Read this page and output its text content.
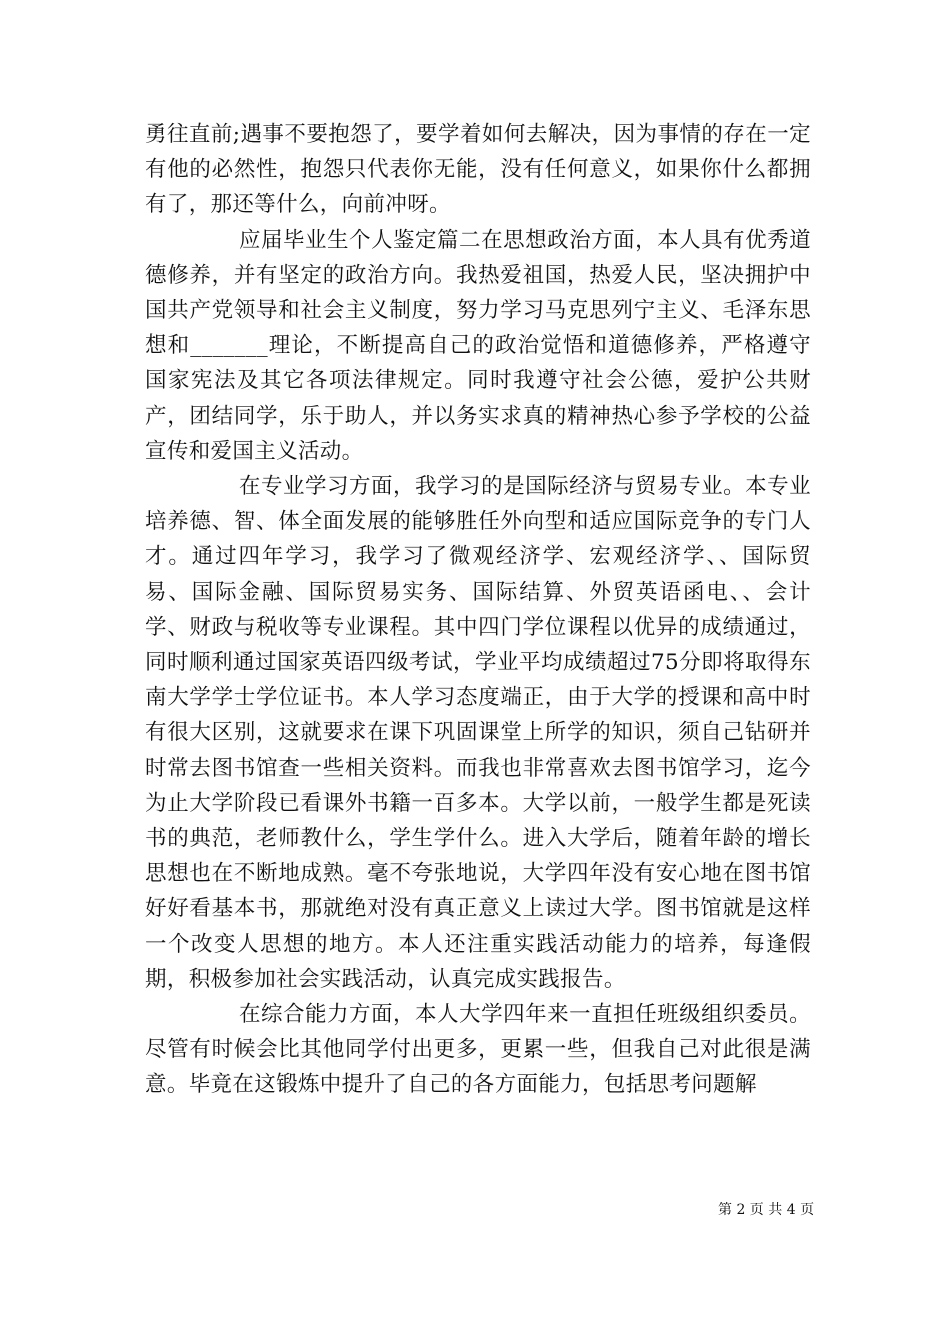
勇往直前;遇事不要抱怨了，要学着如何去解决，因为事情的存在一定有他的必然性，抱怨只代表你无能，没有任何意义，如果你什么都拥有了，那还等什么，向前冲呀。

应届毕业生个人鉴定篇二在思想政治方面，本人具有优秀道德修养，并有坚定的政治方向。我热爱祖国，热爱人民，坚决拥护中国共产党领导和社会主义制度，努力学习马克思列宁主义、毛泽东思想和_______理论，不断提高自己的政治觉悟和道德修养，严格遵守国家宪法及其它各项法律规定。同时我遵守社会公德，爱护公共财产，团结同学，乐于助人，并以务实求真的精神热心参予学校的公益宣传和爱国主义活动。

在专业学习方面，我学习的是国际经济与贸易专业。本专业培养德、智、体全面发展的能够胜任外向型和适应国际竞争的专门人才。通过四年学习，我学习了微观经济学、宏观经济学、、国际贸易、国际金融、国际贸易实务、国际结算、外贸英语函电、、会计学、财政与税收等专业课程。其中四门学位课程以优异的成绩通过，同时顺利通过国家英语四级考试，学业平均成绩超过75分即将取得东南大学学士学位证书。本人学习态度端正，由于大学的授课和高中时有很大区别，这就要求在课下巩固课堂上所学的知识，须自己钻研并时常去图书馆查一些相关资料。而我也非常喜欢去图书馆学习，迄今为止大学阶段已看课外书籍一百多本。大学以前，一般学生都是死读书的典范，老师教什么，学生学什么。进入大学后，随着年龄的增长思想也在不断地成熟。毫不夸张地说，大学四年没有安心地在图书馆好好看基本书，那就绝对没有真正意义上读过大学。图书馆就是这样一个改变人思想的地方。本人还注重实践活动能力的培养，每逢假期，积极参加社会实践活动，认真完成实践报告。

在综合能力方面，本人大学四年来一直担任班级组织委员。尽管有时候会比其他同学付出更多，更累一些，但我自己对此很是满意。毕竟在这锻炼中提升了自己的各方面能力，包括思考问题解

第 2 页 共 4 页
